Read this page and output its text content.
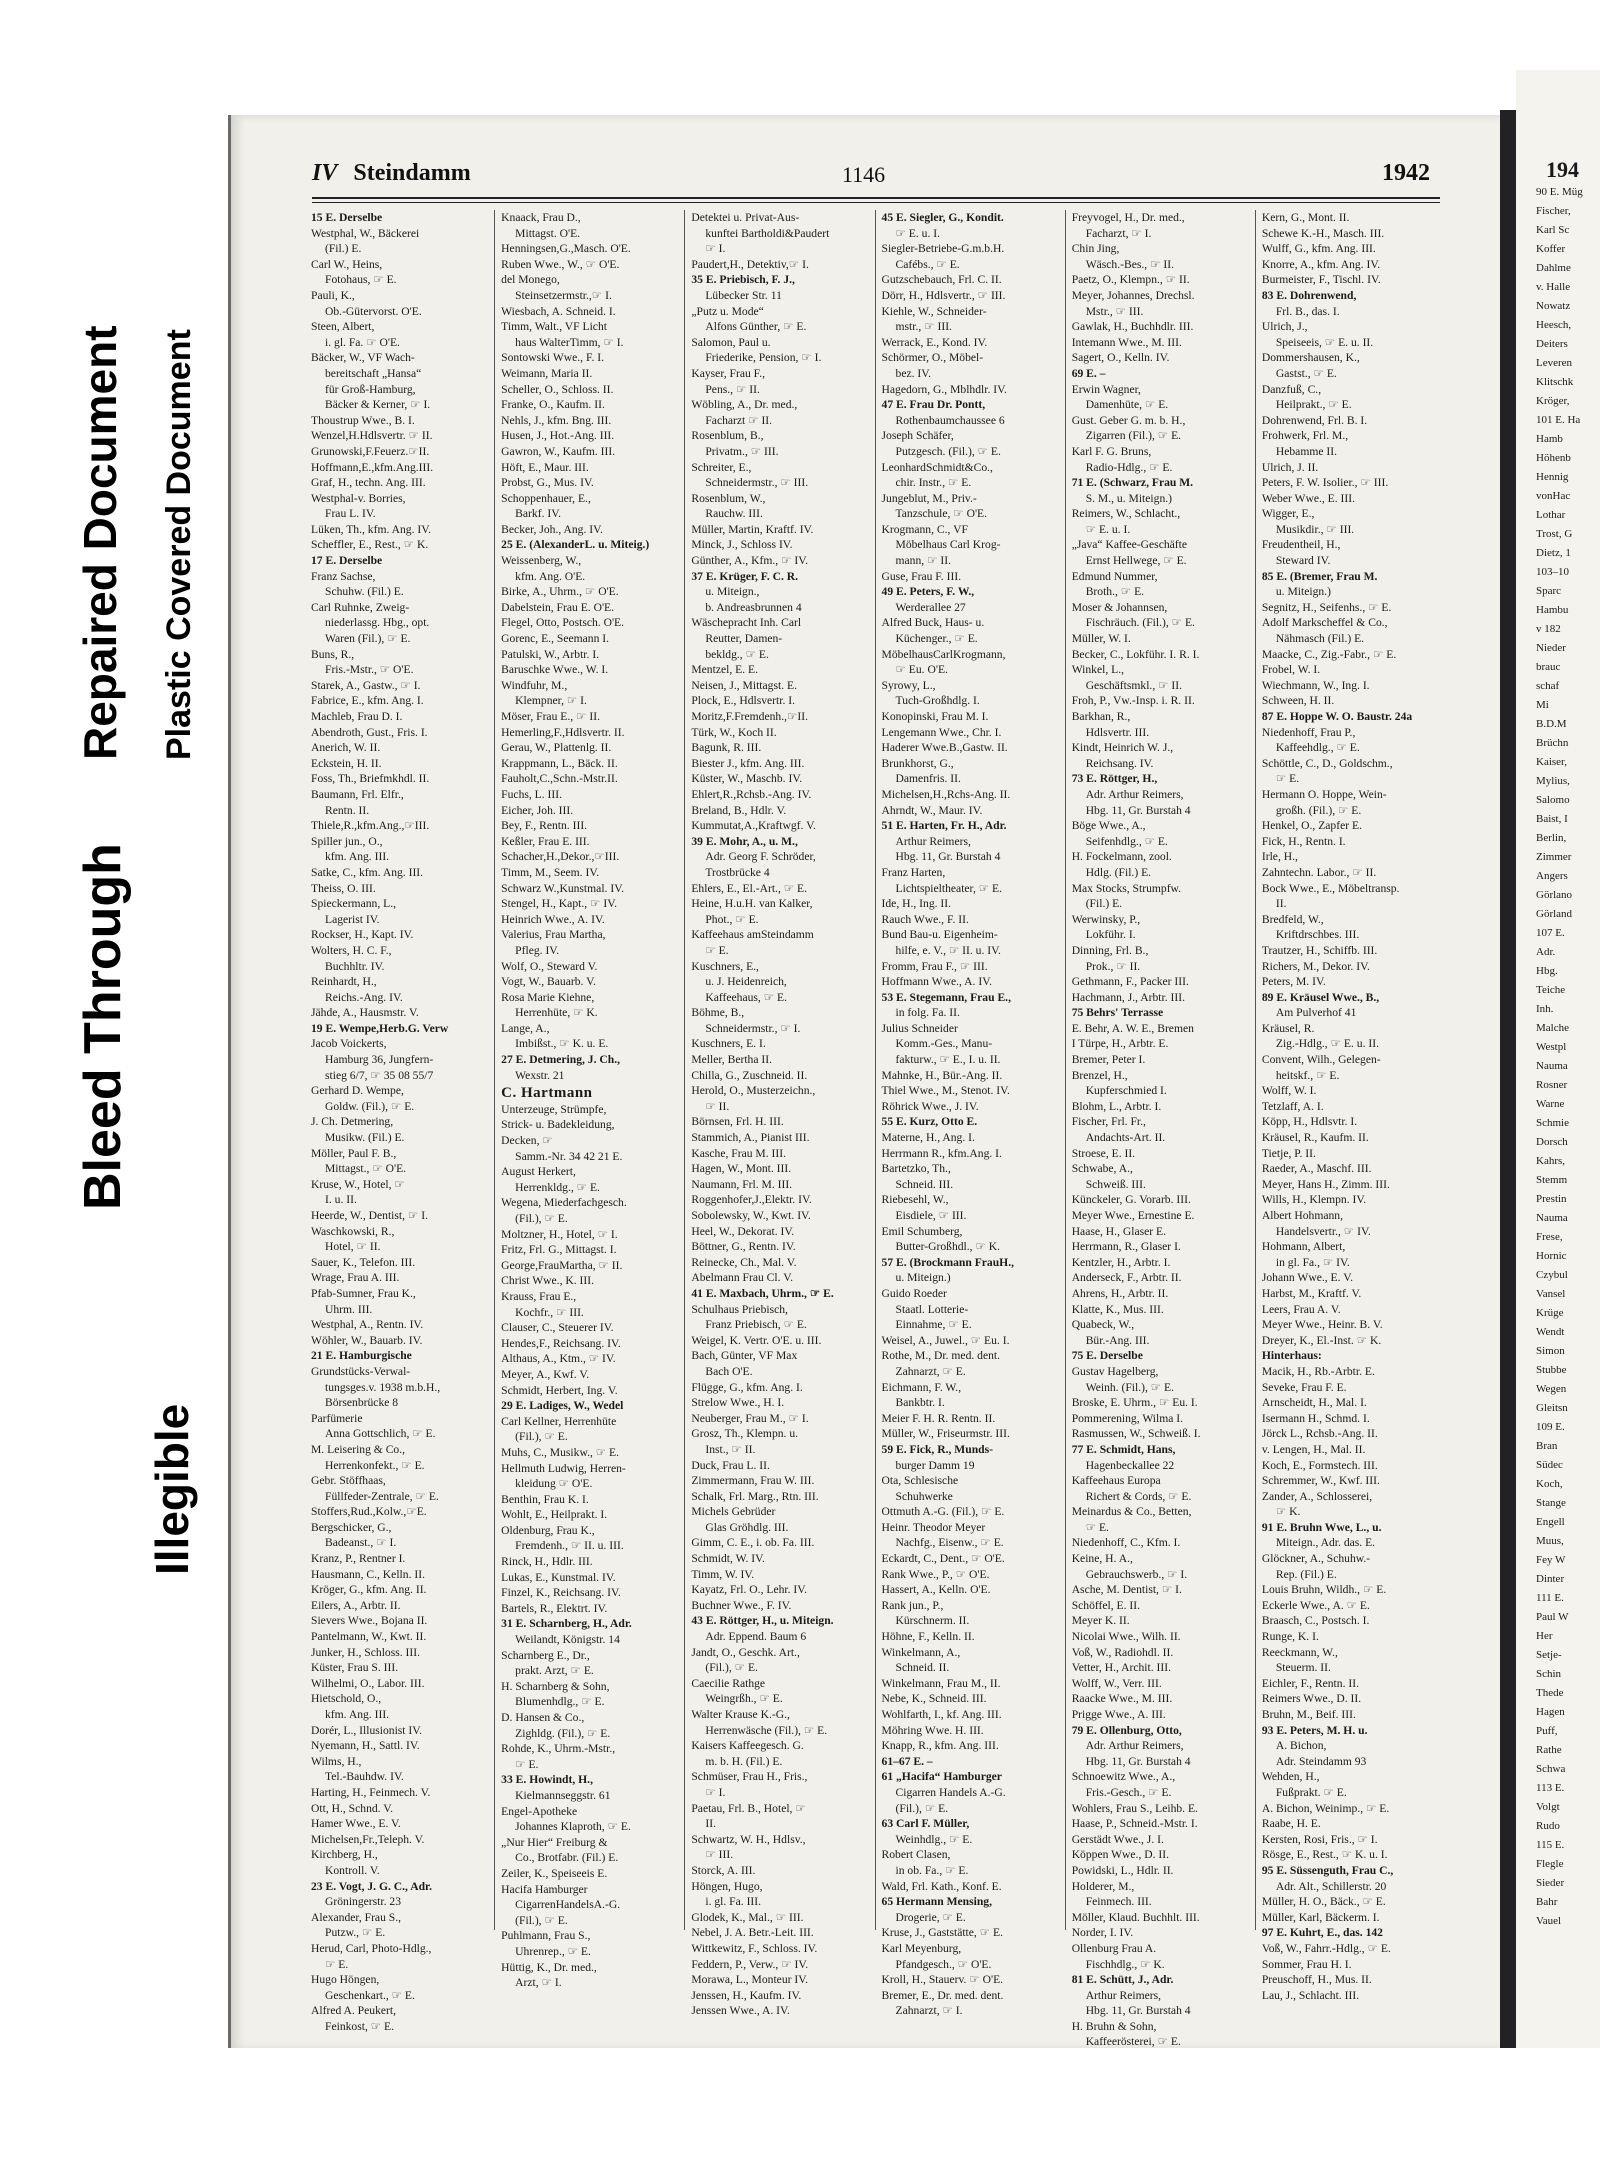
194
90 E. Müg
Fischer,
Karl Sc
Koffer
Dahlme
v. Halle
Nowatz
Heesch,
Deiters
Leveren
Klitschk
Kröger,
101 E. Ha
Hamb
Höhenb
Hennig
vonHac
Lothar
Trost, G
Dietz, 1
103–10
Sparc
Hambu
v 182
Nieder
brauc
schaf
Mi
B.D.M
Brüchn
Kaiser,
Mylius,
Salomo
Baist, I
Berlin,
Zimmer
Angers
Görlano
Görland
107 E.
Adr.
Hbg.
Teiche
Inh.
Malche
Westpl
Nauma
Rosner
Warne
Schmie
Dorsch
Kahrs,
Stemm
Prestin
Nauma
Frese,
Hornic
Czybul
Vansel
Krüge
Wendt
Simon
Stubbe
Wegen
Gleitsn
109 E.
Bran
Südec
Koch,
Stange
Engell
Muus,
Fey W
Dinter
111 E.
Paul W
Her
Setje-
Schin
Thede
Hagen
Puff,
Rathe
Schwa
113 E.
Volgt
Rudo
115 E.
Flegle
Sieder
Bahr
Vauel
Bleed Through
Repaired Document Plastic Covered Document
Illegible
IV Steindamm	1146	1942
15 E. Derselbe
Westphal, W., Bäckerei
(Fil.) E.
Carl W., Heins,
Fotohaus, ☞ E.
Pauli, K.,
Ob.-Gütervorst. O'E.
Steen, Albert,
i. gl. Fa. ☞ O'E.
Bäcker, W., VF Wach-
bereitschaft „Hansa“
für Groß-Hamburg,
Bäcker & Kerner, ☞ I.
Thoustrup Wwe., B. I.
Wenzel,H.Hdlsvertr. ☞ II.
Grunowski,F.Feuerz.☞II.
Hoffmann,E.,kfm.Ang.III.
Graf, H., techn. Ang. III.
Westphal-v. Borries,
Frau L. IV.
Lüken, Th., kfm. Ang. IV.
Scheffler, E., Rest., ☞ K.
17 E. Derselbe
Franz Sachse,
Schuhw. (Fil.) E.
Carl Ruhnke, Zweig-
niederlassg. Hbg., opt.
Waren (Fil.), ☞ E.
Buns, R.,
Fris.-Mstr., ☞ O'E.
Starek, A., Gastw., ☞ I.
Fabrice, E., kfm. Ang. I.
Machleb, Frau D. I.
Abendroth, Gust., Fris. I.
Anerich, W. II.
Eckstein, H. II.
Foss, Th., Briefmkhdl. II.
Baumann, Frl. Elfr.,
Rentn. II.
Thiele,R.,kfm.Ang.,☞III.
Spiller jun., O.,
kfm. Ang. III.
Satke, C., kfm. Ang. III.
Theiss, O. III.
Spieckermann, L.,
Lagerist IV.
Rockser, H., Kapt. IV.
Wolters, H. C. F.,
Buchhltr. IV.
Reinhardt, H.,
Reichs.-Ang. IV.
Jähde, A., Hausmstr. V.
19 E. Wempe,Herb.G. Verw
Jacob Voickerts,
Hamburg 36, Jungfern-
stieg 6/7, ☞ 35 08 55/7
Gerhard D. Wempe,
Goldw. (Fil.), ☞ E.
J. Ch. Detmering,
Musikw. (Fil.) E.
Möller, Paul F. B.,
Mittagst., ☞ O'E.
Kruse, W., Hotel, ☞
I. u. II.
Heerde, W., Dentist, ☞ I.
Waschkowski, R.,
Hotel, ☞ II.
Sauer, K., Telefon. III.
Wrage, Frau A. III.
Pfab-Sumner, Frau K.,
Uhrm. III.
Westphal, A., Rentn. IV.
Wöhler, W., Bauarb. IV.
21 E. Hamburgische
Grundstücks-Verwal-
tungsges.v. 1938 m.b.H.,
Börsenbrücke 8
Parfümerie
Anna Gottschlich, ☞ E.
M. Leisering & Co.,
Herrenkonfekt., ☞ E.
Gebr. Stöffhaas,
Füllfeder-Zentrale, ☞ E.
Stoffers,Rud.,Kolw.,☞E.
Bergschicker, G.,
Badeanst., ☞ I.
Kranz, P., Rentner I.
Hausmann, C., Kelln. II.
Kröger, G., kfm. Ang. II.
Eilers, A., Arbtr. II.
Sievers Wwe., Bojana II.
Pantelmann, W., Kwt. II.
Junker, H., Schloss. III.
Küster, Frau S. III.
Wilhelmi, O., Labor. III.
Hietschold, O.,
kfm. Ang. III.
Dorér, L., Illusionist IV.
Nyemann, H., Sattl. IV.
Wilms, H.,
Tel.-Bauhdw. IV.
Harting, H., Feinmech. V.
Ott, H., Schnd. V.
Hamer Wwe., E. V.
Michelsen,Fr.,Teleph. V.
Kirchberg, H.,
Kontroll. V.
23 E. Vogt, J. G. C., Adr.
Gröningerstr. 23
Alexander, Frau S.,
Putzw., ☞ E.
Herud, Carl, Photo-Hdlg.,
☞ E.
Hugo Höngen,
Geschenkart., ☞ E.
Alfred A. Peukert,
Feinkost, ☞ E.
Knaack, Frau D.,
Mittagst. O'E.
Henningsen,G.,Masch. O'E.
Ruben Wwe., W., ☞ O'E.
del Monego,
Steinsetzermstr.,☞ I.
Wiesbach, A. Schneid. I.
Timm, Walt., VF Licht
haus WalterTimm, ☞ I.
Sontowski Wwe., F. I.
Weimann, Maria II.
Scheller, O., Schloss. II.
Franke, O., Kaufm. II.
Nehls, J., kfm. Bng. III.
Husen, J., Hot.-Ang. III.
Gawron, W., Kaufm. III.
Höft, E., Maur. III.
Probst, G., Mus. IV.
Schoppenhauer, E.,
Barkf. IV.
Becker, Joh., Ang. IV.
25 E. (AlexanderL. u. Miteig.)
Weissenberg, W.,
kfm. Ang. O'E.
Birke, A., Uhrm., ☞ O'E.
Dabelstein, Frau E. O'E.
Flegel, Otto, Postsch. O'E.
Gorenc, E., Seemann I.
Patulski, W., Arbtr. I.
Baruschke Wwe., W. I.
Windfuhr, M.,
Klempner, ☞ I.
Möser, Frau E., ☞ II.
Hemerling,F.,Hdlsvertr. II.
Gerau, W., Plattenlg. II.
Krappmann, L., Bäck. II.
Fauholt,C.,Schn.-Mstr.II.
Fuchs, L. III.
Eicher, Joh. III.
Bey, F., Rentn. III.
Keßler, Frau E. III.
Schacher,H.,Dekor.,☞III.
Timm, M., Seem. IV.
Schwarz W.,Kunstmal. IV.
Stengel, H., Kapt., ☞ IV.
Heinrich Wwe., A. IV.
Valerius, Frau Martha,
Pfleg. IV.
Wolf, O., Steward V.
Vogt, W., Bauarb. V.
Rosa Marie Kiehne,
Herrenhüte, ☞ K.
Lange, A.,
Imbißst., ☞ K. u. E.
27 E. Detmering, J. Ch.,
Wexstr. 21
C. Hartmann
Unterzeuge, Strümpfe,
Strick- u. Badekleidung,
Decken, ☞
Samm.-Nr. 34 42 21 E.
August Herkert,
Herrenkldg., ☞ E.
Wegena, Miederfachgesch.
(Fil.), ☞ E.
Moltzner, H., Hotel, ☞ I.
Fritz, Frl. G., Mittagst. I.
George,FrauMartha, ☞ II.
Christ Wwe., K. III.
Krauss, Frau E.,
Kochfr., ☞ III.
Clauser, C., Steuerer IV.
Hendes,F., Reichsang. IV.
Althaus, A., Ktm., ☞ IV.
Meyer, A., Kwf. V.
Schmidt, Herbert, Ing. V.
29 E. Ladiges, W., Wedel
Carl Kellner, Herrenhüte
(Fil.), ☞ E.
Muhs, C., Musikw., ☞ E.
Hellmuth Ludwig, Herren-
kleidung ☞ O'E.
Benthin, Frau K. I.
Wohlt, E., Heilprakt. I.
Oldenburg, Frau K.,
Fremdenh., ☞ II. u. III.
Rinck, H., Hdlr. III.
Lukas, E., Kunstmal. IV.
Finzel, K., Reichsang. IV.
Bartels, R., Elektrt. IV.
31 E. Scharnberg, H., Adr.
Weilandt, Königstr. 14
Scharnberg E., Dr.,
prakt. Arzt, ☞ E.
H. Scharnberg & Sohn,
Blumenhdlg., ☞ E.
D. Hansen & Co.,
Zighldg. (Fil.), ☞ E.
Rohde, K., Uhrm.-Mstr.,
☞ E.
33 E. Howindt, H.,
Kielmannseggstr. 61
Engel-Apotheke
Johannes Klaproth, ☞ E.
„Nur Hier“ Freiburg &
Co., Brotfabr. (Fil.) E.
Zeiler, K., Speiseeis E.
Hacifa Hamburger
CigarrenHandelsA.-G.
(Fil.), ☞ E.
Puhlmann, Frau S.,
Uhrenrep., ☞ E.
Hüttig, K., Dr. med.,
Arzt, ☞ I.
Detektei u. Privat-Aus-
kunftei Bartholdi&Paudert
☞ I.
Paudert,H., Detektiv,☞ I.
35 E. Priebisch, F. J.,
Lübecker Str. 11
„Putz u. Mode“
Alfons Günther, ☞ E.
Salomon, Paul u.
Friederike, Pension, ☞ I.
Kayser, Frau F.,
Pens., ☞ II.
Wöbling, A., Dr. med.,
Facharzt ☞ II.
Rosenblum, B.,
Privatm., ☞ III.
Schreiter, E.,
Schneidermstr., ☞ III.
Rosenblum, W.,
Rauchw. III.
Müller, Martin, Kraftf. IV.
Minck, J., Schloss IV.
Günther, A., Kfm., ☞ IV.
37 E. Krüger, F. C. R.
u. Miteign.,
b. Andreasbrunnen 4
Wäschepracht Inh. Carl
Reutter, Damen-
bekldg., ☞ E.
Mentzel, E. E.
Neisen, J., Mittagst. E.
Plock, E., Hdlsvertr. I.
Moritz,F.Fremdenh.,☞II.
Türk, W., Koch II.
Bagunk, R. III.
Biester J., kfm. Ang. III.
Küster, W., Maschb. IV.
Ehlert,R.,Rchsb.-Ang. IV.
Breland, B., Hdlr. V.
Kummutat,A.,Kraftwgf. V.
39 E. Mohr, A., u. M.,
Adr. Georg F. Schröder,
Trostbrücke 4
Ehlers, E., El.-Art., ☞ E.
Heine, H.u.H. van Kalker,
Phot., ☞ E.
Kaffeehaus amSteindamm
☞ E.
Kuschners, E.,
u. J. Heidenreich,
Kaffeehaus, ☞ E.
Böhme, B.,
Schneidermstr., ☞ I.
Kuschners, E. I.
Meller, Bertha II.
Chilla, G., Zuschneid. II.
Herold, O., Musterzeichn.,
☞ II.
Börnsen, Frl. H. III.
Stammich, A., Pianist III.
Kasche, Frau M. III.
Hagen, W., Mont. III.
Naumann, Frl. M. III.
Roggenhofer,J.,Elektr. IV.
Sobolewsky, W., Kwt. IV.
Heel, W., Dekorat. IV.
Böttner, G., Rentn. IV.
Reinecke, Ch., Mal. V.
Abelmann Frau Cl. V.
41 E. Maxbach, Uhrm., ☞ E.
Schulhaus Priebisch,
Franz Priebisch, ☞ E.
Weigel, K. Vertr. O'E. u. III.
Bach, Günter, VF Max
Bach O'E.
Flügge, G., kfm. Ang. I.
Strelow Wwe., H. I.
Neuberger, Frau M., ☞ I.
Grosz, Th., Klempn. u.
Inst., ☞ II.
Duck, Frau L. II.
Zimmermann, Frau W. III.
Schalk, Frl. Marg., Rtn. III.
Michels Gebrüder
Glas Gröhdlg. III.
Gimm, C. E., i. ob. Fa. III.
Schmidt, W. IV.
Timm, W. IV.
Kayatz, Frl. O., Lehr. IV.
Buchner Wwe., F. IV.
43 E. Röttger, H., u. Miteign.
Adr. Eppend. Baum 6
Jandt, O., Geschk. Art.,
(Fil.), ☞ E.
Caecilie Rathge
Weingrßh., ☞ E.
Walter Krause K.-G.,
Herrenwäsche (Fil.), ☞ E.
Kaisers Kaffeegesch. G.
m. b. H. (Fil.) E.
Schmüser, Frau H., Fris.,
☞ I.
Paetau, Frl. B., Hotel, ☞
II.
Schwartz, W. H., Hdlsv.,
☞ III.
Storck, A. III.
Höngen, Hugo,
i. gl. Fa. III.
Glodek, K., Mal., ☞ III.
Nebel, J. A. Betr.-Leit. III.
Wittkewitz, F., Schloss. IV.
Feddern, P., Verw., ☞ IV.
Morawa, L., Monteur IV.
Jenssen, H., Kaufm. IV.
Jenssen Wwe., A. IV.
45 E. Siegler, G., Kondit.
☞ E. u. I.
Siegler-Betriebe-G.m.b.H.
Cafébs., ☞ E.
Gutzschebauch, Frl. C. II.
Dörr, H., Hdlsvertr., ☞ III.
Kiehle, W., Schneider-
mstr., ☞ III.
Werrack, E., Kond. IV.
Schörmer, O., Möbel-
bez. IV.
Hagedorn, G., Mblhdlr. IV.
47 E. Frau Dr. Pontt,
Rothenbaumchaussee 6
Joseph Schäfer,
Putzgesch. (Fil.), ☞ E.
LeonhardSchmidt&Co.,
chir. Instr., ☞ E.
Jungeblut, M., Priv.-
Tanzschule, ☞ O'E.
Krogmann, C., VF
Möbelhaus Carl Krog-
mann, ☞ II.
Guse, Frau F. III.
49 E. Peters, F. W.,
Werderallee 27
Alfred Buck, Haus- u.
Küchenger., ☞ E.
MöbelhausCarlKrogmann,
☞ Eu. O'E.
Syrowy, L.,
Tuch-Großhdlg. I.
Konopinski, Frau M. I.
Lengemann Wwe., Chr. I.
Haderer Wwe.B.,Gastw. II.
Brunkhorst, G.,
Damenfris. II.
Michelsen,H.,Rchs-Ang. II.
Ahrndt, W., Maur. IV.
51 E. Harten, Fr. H., Adr.
Arthur Reimers,
Hbg. 11, Gr. Burstah 4
Franz Harten,
Lichtspieltheater, ☞ E.
Ide, H., Ing. II.
Rauch Wwe., F. II.
Bund Bau-u. Eigenheim-
hilfe, e. V., ☞ II. u. IV.
Fromm, Frau F., ☞ III.
Hoffmann Wwe., A. IV.
53 E. Stegemann, Frau E.,
in folg. Fa. II.
Julius Schneider
Komm.-Ges., Manu-
fakturw., ☞ E., I. u. II.
Mahnke, H., Bür.-Ang. II.
Thiel Wwe., M., Stenot. IV.
Röhrick Wwe., J. IV.
55 E. Kurz, Otto E.
Materne, H., Ang. I.
Herrmann R., kfm.Ang. I.
Bartetzko, Th.,
Schneid. III.
Riebesehl, W.,
Eisdiele, ☞ III.
Emil Schumberg,
Butter-Großhdl., ☞ K.
57 E. (Brockmann FrauH.,
u. Miteign.)
Guido Roeder
Staatl. Lotterie-
Einnahme, ☞ E.
Weisel, A., Juwel., ☞ Eu. I.
Rothe, M., Dr. med. dent.
Zahnarzt, ☞ E.
Eichmann, F. W.,
Bankbtr. I.
Meier F. H. R. Rentn. II.
Müller, W., Friseurmstr. III.
59 E. Fick, R., Munds-
burger Damm 19
Ota, Schlesische
Schuhwerke
Ottmuth A.-G. (Fil.), ☞ E.
Heinr. Theodor Meyer
Nachfg., Eisenw., ☞ E.
Eckardt, C., Dent., ☞ O'E.
Rank Wwe., P., ☞ O'E.
Hassert, A., Kelln. O'E.
Rank jun., P.,
Kürschnerm. II.
Höhne, F., Kelln. II.
Winkelmann, A.,
Schneid. II.
Winkelmann, Frau M., II.
Nebe, K., Schneid. III.
Wohlfarth, I., kf. Ang. III.
Möhring Wwe. H. III.
Knapp, R., kfm. Ang. III.
61–67 E. –
61 „Hacifa“ Hamburger
Cigarren Handels A.-G.
(Fil.), ☞ E.
63 Carl F. Müller,
Weinhdlg., ☞ E.
Robert Clasen,
in ob. Fa., ☞ E.
Wald, Frl. Kath., Konf. E.
65 Hermann Mensing,
Drogerie, ☞ E.
Kruse, J., Gaststätte, ☞ E.
Karl Meyenburg,
Pfandgesch., ☞ O'E.
Kroll, H., Stauerv. ☞ O'E.
Bremer, E., Dr. med. dent.
Zahnarzt, ☞ I.
Freyvogel, H., Dr. med.,
Facharzt, ☞ I.
Chin Jing,
Wäsch.-Bes., ☞ II.
Paetz, O., Klempn., ☞ II.
Meyer, Johannes, Drechsl.
Mstr., ☞ III.
Gawlak, H., Buchhdlr. III.
Intemann Wwe., M. III.
Sagert, O., Kelln. IV.
69 E. –
Erwin Wagner,
Damenhüte, ☞ E.
Gust. Geber G. m. b. H.,
Zigarren (Fil.), ☞ E.
Karl F. G. Bruns,
Radio-Hdlg., ☞ E.
71 E. (Schwarz, Frau M.
S. M., u. Miteign.)
Reimers, W., Schlacht.,
☞ E. u. I.
„Java“ Kaffee-Geschäfte
Ernst Hellwege, ☞ E.
Edmund Nummer,
Broth., ☞ E.
Moser & Johannsen,
Fischräuch. (Fil.), ☞ E.
Müller, W. I.
Becker, C., Lokführ. I. R. I.
Winkel, L.,
Geschäftsmkl., ☞ II.
Froh, P., Vw.-Insp. i. R. II.
Barkhan, R.,
Hdlsvertr. III.
Kindt, Heinrich W. J.,
Reichsang. IV.
73 E. Röttger, H.,
Adr. Arthur Reimers,
Hbg. 11, Gr. Burstah 4
Böge Wwe., A.,
Seifenhdlg., ☞ E.
H. Fockelmann, zool.
Hdlg. (Fil.) E.
Max Stocks, Strumpfw.
(Fil.) E.
Werwinsky, P.,
Lokführ. I.
Dinning, Frl. B.,
Prok., ☞ II.
Gethmann, F., Packer III.
Hachmann, J., Arbtr. III.
75 Behrs' Terrasse
E. Behr, A. W. E., Bremen
I Türpe, H., Arbtr. E.
Bremer, Peter I.
Brenzel, H.,
Kupferschmied I.
Blohm, L., Arbtr. I.
Fischer, Frl. Fr.,
Andachts-Art. II.
Stroese, E. II.
Schwabe, A.,
Schweiß. III.
Künckeler, G. Vorarb. III.
Meyer Wwe., Ernestine E.
Haase, H., Glaser E.
Herrmann, R., Glaser I.
Kentzler, H., Arbtr. I.
Anderseck, F., Arbtr. II.
Ahrens, H., Arbtr. II.
Klatte, K., Mus. III.
Quabeck, W.,
Bür.-Ang. III.
75 E. Derselbe
Gustav Hagelberg,
Weinh. (Fil.), ☞ E.
Broske, E. Uhrm., ☞ Eu. I.
Pommerening, Wilma I.
Rasmussen, W., Schweiß. I.
77 E. Schmidt, Hans,
Hagenbeckallee 22
Kaffeehaus Europa
Richert & Cords, ☞ E.
Meinardus & Co., Betten,
☞ E.
Niedenhoff, C., Kfm. I.
Keine, H. A.,
Gebrauchswerb., ☞ I.
Asche, M. Dentist, ☞ I.
Schöffel, E. II.
Meyer K. II.
Nicolai Wwe., Wilh. II.
Voß, W., Radiohdl. II.
Vetter, H., Archit. III.
Wolff, W., Verr. III.
Raacke Wwe., M. III.
Prigge Wwe., A. III.
79 E. Ollenburg, Otto,
Adr. Arthur Reimers,
Hbg. 11, Gr. Burstah 4
Schnoewitz Wwe., A.,
Fris.-Gesch., ☞ E.
Wohlers, Frau S., Leihb. E.
Haase, P., Schneid.-Mstr. I.
Gerstädt Wwe., J. I.
Köppen Wwe., D. II.
Powidski, L., Hdlr. II.
Holderer, M.,
Feinmech. III.
Möller, Klaud. Buchhlt. III.
Norder, I. IV.
Ollenburg Frau A.
Fischhdlg., ☞ K.
81 E. Schütt, J., Adr.
Arthur Reimers,
Hbg. 11, Gr. Burstah 4
H. Bruhn & Sohn,
Kaffeerösterei, ☞ E.
Kern, G., Mont. II.
Schewe K.-H., Masch. III.
Wulff, G., kfm. Ang. III.
Knorre, A., kfm. Ang. IV.
Burmeister, F., Tischl. IV.
83 E. Dohrenwend,
Frl. B., das. I.
Ulrich, J.,
Speiseeis, ☞ E. u. II.
Dommershausen, K.,
Gastst., ☞ E.
Danzfuß, C.,
Heilprakt., ☞ E.
Dohrenwend, Frl. B. I.
Frohwerk, Frl. M.,
Hebamme II.
Ulrich, J. II.
Peters, F. W. Isolier., ☞ III.
Weber Wwe., E. III.
Wigger, E.,
Musikdir., ☞ III.
Freudentheil, H.,
Steward IV.
85 E. (Bremer, Frau M.
u. Miteign.)
Segnitz, H., Seifenhs., ☞ E.
Adolf Markscheffel & Co.,
Nähmasch (Fil.) E.
Maacke, C., Zig.-Fabr., ☞ E.
Frobel, W. I.
Wiechmann, W., Ing. I.
Schween, H. II.
87 E. Hoppe W. O. Baustr. 24a
Niedenhoff, Frau P.,
Kaffeehdlg., ☞ E.
Schöttle, C., D., Goldschm.,
☞ E.
Hermann O. Hoppe, Wein-
großh. (Fil.), ☞ E.
Henkel, O., Zapfer E.
Fick, H., Rentn. I.
Irle, H.,
Zahntechn. Labor., ☞ II.
Bock Wwe., E., Möbeltransp.
II.
Bredfeld, W.,
Kriftdrschbes. III.
Trautzer, H., Schiffb. III.
Richers, M., Dekor. IV.
Peters, M. IV.
89 E. Kräusel Wwe., B.,
Am Pulverhof 41
Kräusel, R.
Zig.-Hdlg., ☞ E. u. II.
Convent, Wilh., Gelegen-
heitskf., ☞ E.
Wolff, W. I.
Tetzlaff, A. I.
Köpp, H., Hdlsvtr. I.
Kräusel, R., Kaufm. II.
Tietje, P. II.
Raeder, A., Maschf. III.
Meyer, Hans H., Zimm. III.
Wills, H., Klempn. IV.
Albert Hohmann,
Handelsvertr., ☞ IV.
Hohmann, Albert,
in gl. Fa., ☞ IV.
Johann Wwe., E. V.
Harbst, M., Kraftf. V.
Leers, Frau A. V.
Meyer Wwe., Heinr. B. V.
Dreyer, K., El.-Inst. ☞ K.
Hinterhaus:
Macik, H., Rb.-Arbtr. E.
Seveke, Frau F. E.
Arnscheidt, H., Mal. I.
Isermann H., Schmd. I.
Jörck L., Rchsb.-Ang. II.
v. Lengen, H., Mal. II.
Koch, E., Formstech. III.
Schremmer, W., Kwf. III.
Zander, A., Schlosserei,
☞ K.
91 E. Bruhn Wwe, L., u.
Miteign., Adr. das. E.
Glöckner, A., Schuhw.-
Rep. (Fil.) E.
Louis Bruhn, Wildh., ☞ E.
Eckerle Wwe., A. ☞ E.
Braasch, C., Postsch. I.
Runge, K. I.
Reeckmann, W.,
Steuerm. II.
Eichler, F., Rentn. II.
Reimers Wwe., D. II.
Bruhn, M., Beif. III.
93 E. Peters, M. H. u.
A. Bichon,
Adr. Steindamm 93
Wehden, H.,
Fußprakt. ☞ E.
A. Bichon, Weinimp., ☞ E.
Raabe, H. E.
Kersten, Rosi, Fris., ☞ I.
Rösge, E., Rest., ☞ K. u. I.
95 E. Süssenguth, Frau C.,
Adr. Alt., Schillerstr. 20
Müller, H. O., Bäck., ☞ E.
Müller, Karl, Bäckerm. I.
97 E. Kuhrt, E., das. 142
Voß, W., Fahrr.-Hdlg., ☞ E.
Sommer, Frau H. I.
Preuschoff, H., Mus. II.
Lau, J., Schlacht. III.
